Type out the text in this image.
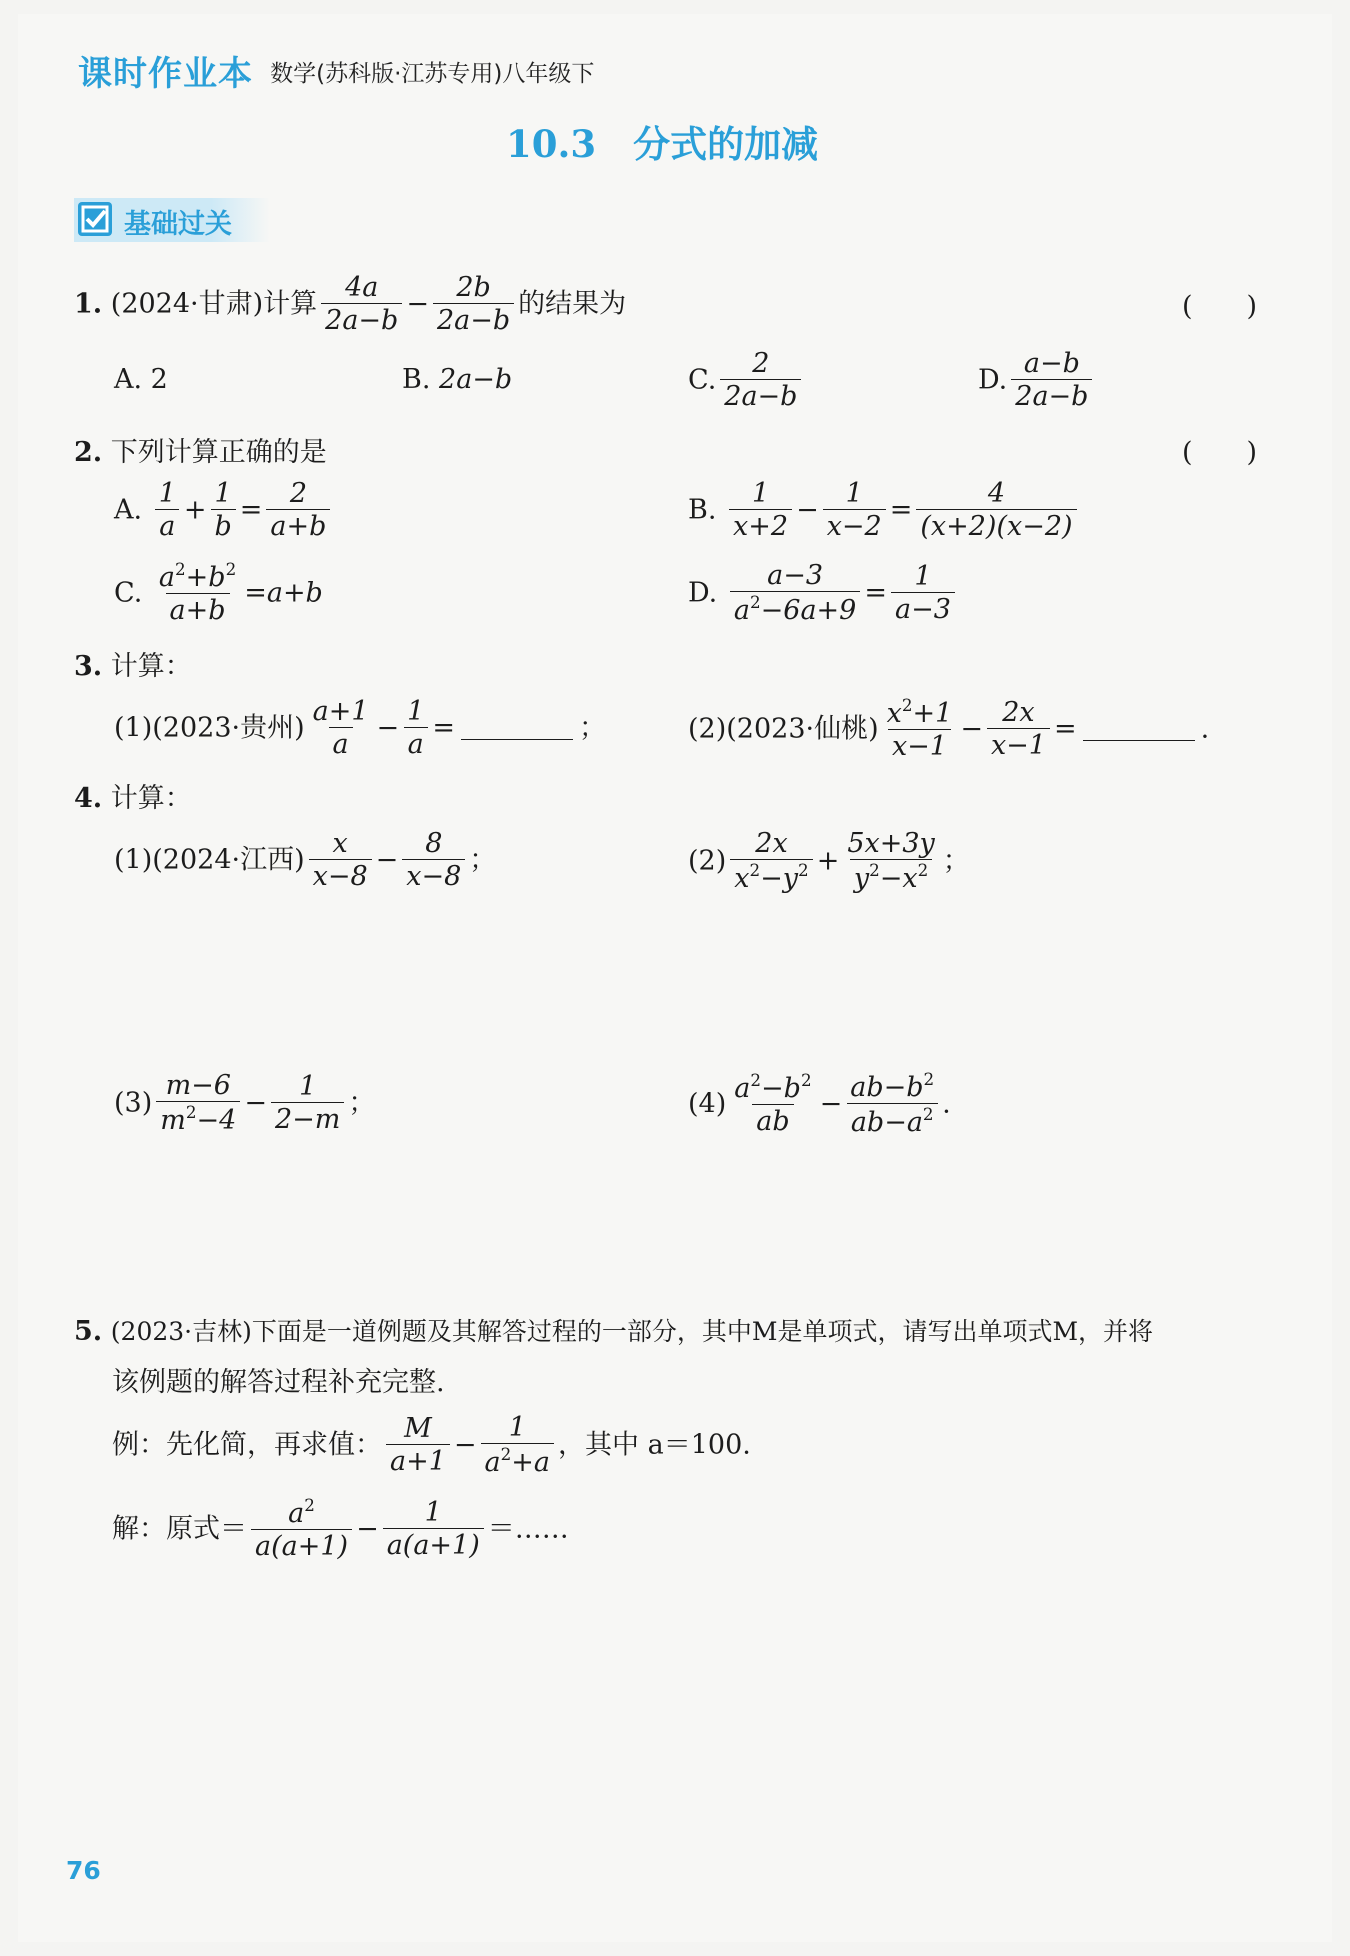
课时作业本 数学(苏科版·江苏专用)八年级下
10.3　分式的加减
基础过关
1. (2024·甘肃)计算 $\frac{4a}{2a-b} - \frac{2b}{2a-b}$ 的结果为	(　　)
A. 2	B. 2a−b	C. $\frac{2}{2a-b}$	D. $\frac{a-b}{2a-b}$
2. 下列计算正确的是	(　　)
A. $\frac{1}{a} + \frac{1}{b} = \frac{2}{a+b}$	B. $\frac{1}{x+2} - \frac{1}{x-2} = \frac{4}{(x+2)(x-2)}$
C. $\frac{a^2+b^2}{a+b} =a+b$	D. $\frac{a-3}{a^2-6a+9} = \frac{1}{a-3}$
3. 计算：
(1)(2023·贵州) $\frac{a+1}{a} - \frac{1}{a}$ =	；	(2)(2023·仙桃) $\frac{x^2+1}{x-1} - \frac{2x}{x-1}$ =	.
4. 计算：
(1)(2024·江西) $\frac{x}{x-8} - \frac{8}{x-8}$ ；	$(2) \frac{2x}{x^2-y^2} + \frac{5x+3y}{y^2-x^2}$ ；
$(3) \frac{m-6}{m^2-4} - \frac{1}{2-m}$ ；	$(4) \frac{a^2-b^2}{ab} - \frac{ab-b^2}{ab-a^2}$ .
5. (2023·吉林)下面是一道例题及其解答过程的一部分，其中M是单项式，请写出单项式M，并将
该例题的解答过程补充完整.
例：先化简，再求值： $\frac{M}{a+1} - \frac{1}{a^2+a}$ ，其中 a＝100.
解：原式＝ $\frac{a^2}{a(a+1)} - \frac{1}{a(a+1)}$ ＝……
76
